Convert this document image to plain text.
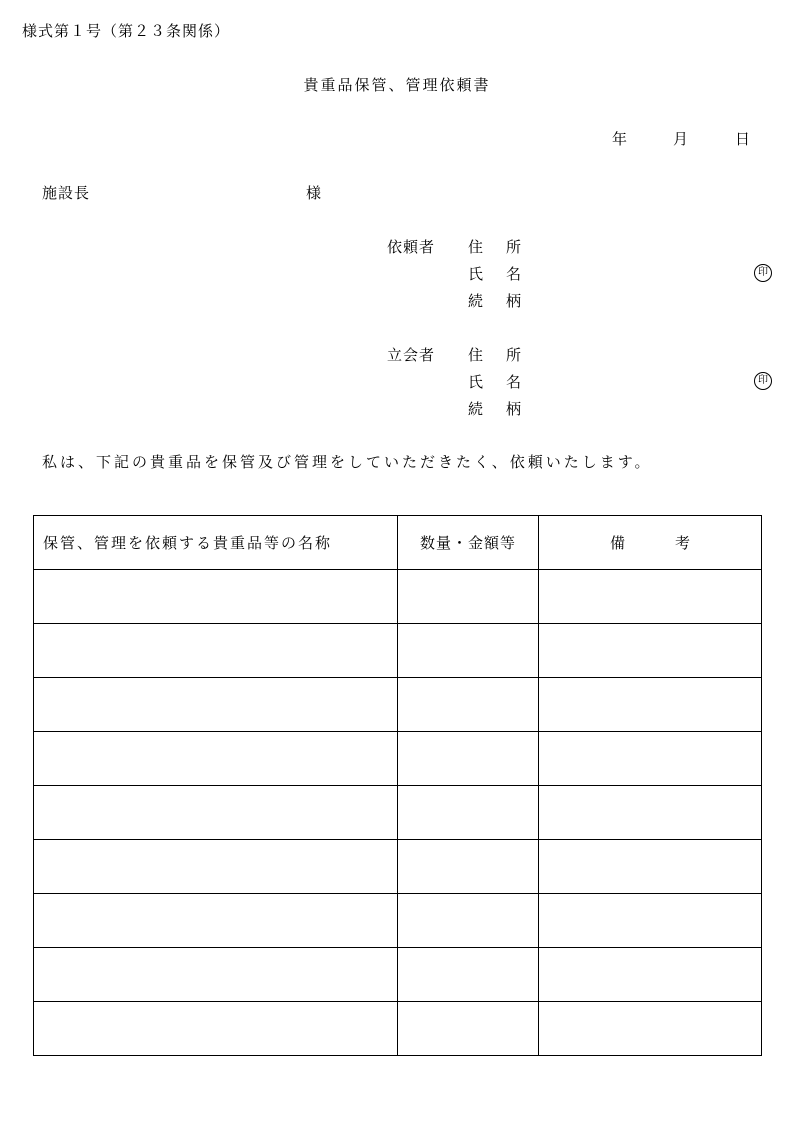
様式第１号（第２３条関係）
貴重品保管、管理依頼書
年	月	日
施設長	様
依頼者 住所
氏名	印
続柄
立会者 住所
氏名	印
続柄
私は、下記の貴重品を保管及び管理をしていただきたく、依頼いたします。
保管、管理を依頼する貴重品等の名称	数量・金額等	備考
